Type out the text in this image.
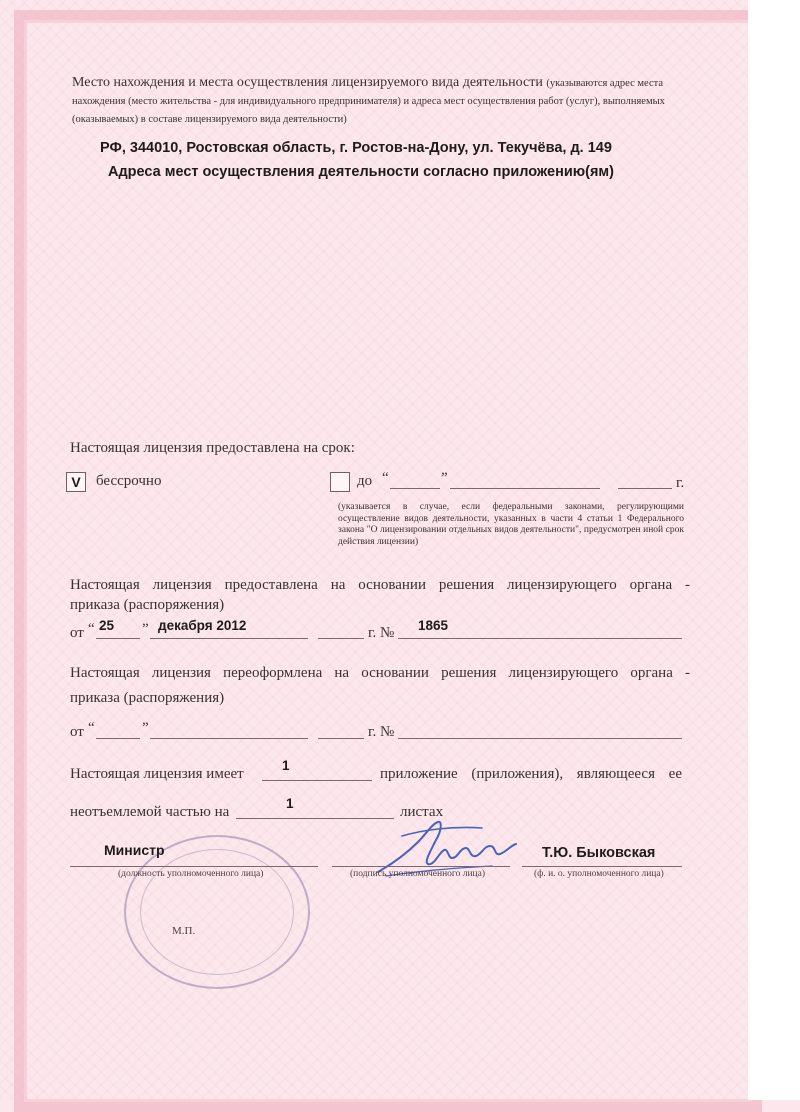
Место нахождения и места осуществления лицензируемого вида деятельности (указываются адрес места нахождения (место жительства - для индивидуального предпринимателя) и адреса мест осуществления работ (услуг), выполняемых (оказываемых) в составе лицензируемого вида деятельности)
РФ, 344010, Ростовская область, г. Ростов-на-Дону, ул. Текучёва, д. 149
Адреса мест осуществления деятельности согласно приложению(ям)
Настоящая лицензия предоставлена на срок:
V	бессрочно	до “	”	г.
(указывается в случае, если федеральными законами, регулирующими осуществление видов деятельности, указанных в части 4 статьи 1 Федерального закона "О лицензировании отдельных видов деятельности", предусмотрен иной срок действия лицензии)
Настоящая лицензия предоставлена на основании решения лицензирующего органа -
приказа (распоряжения)
от “ 25 ” декабря 2012	г. № 1865
Настоящая лицензия переоформлена на основании решения лицензирующего органа -
приказа (распоряжения)
от “	”	г. №
Настоящая лицензия имеет
1
приложение (приложения), являющееся ее
неотъемлемой частью на
1
листах
М.П.
Министр
(должность уполномоченного лица)	(подпись уполномоченного лица)
Т.Ю. Быковская
(ф. и. о. уполномоченного лица)
